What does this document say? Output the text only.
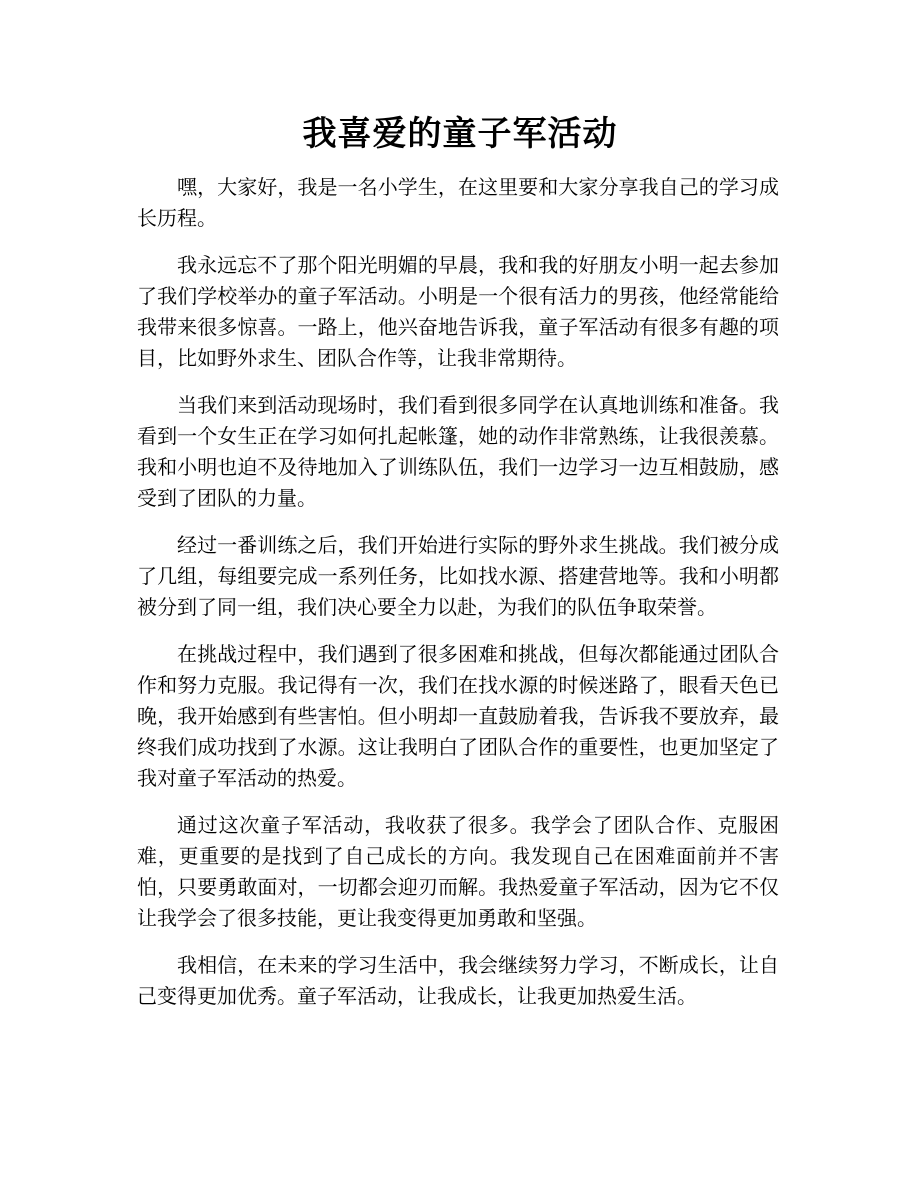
我喜爱的童子军活动

嘿，大家好，我是一名小学生，在这里要和大家分享我自己的学习成长历程。

我永远忘不了那个阳光明媚的早晨，我和我的好朋友小明一起去参加了我们学校举办的童子军活动。小明是一个很有活力的男孩，他经常能给我带来很多惊喜。一路上，他兴奋地告诉我，童子军活动有很多有趣的项目，比如野外求生、团队合作等，让我非常期待。

当我们来到活动现场时，我们看到很多同学在认真地训练和准备。我看到一个女生正在学习如何扎起帐篷，她的动作非常熟练，让我很羡慕。我和小明也迫不及待地加入了训练队伍，我们一边学习一边互相鼓励，感受到了团队的力量。

经过一番训练之后，我们开始进行实际的野外求生挑战。我们被分成了几组，每组要完成一系列任务，比如找水源、搭建营地等。我和小明都被分到了同一组，我们决心要全力以赴，为我们的队伍争取荣誉。

在挑战过程中，我们遇到了很多困难和挑战，但每次都能通过团队合作和努力克服。我记得有一次，我们在找水源的时候迷路了，眼看天色已晚，我开始感到有些害怕。但小明却一直鼓励着我，告诉我不要放弃，最终我们成功找到了水源。这让我明白了团队合作的重要性，也更加坚定了我对童子军活动的热爱。

通过这次童子军活动，我收获了很多。我学会了团队合作、克服困难，更重要的是找到了自己成长的方向。我发现自己在困难面前并不害怕，只要勇敢面对，一切都会迎刃而解。我热爱童子军活动，因为它不仅让我学会了很多技能，更让我变得更加勇敢和坚强。

我相信，在未来的学习生活中，我会继续努力学习，不断成长，让自己变得更加优秀。童子军活动，让我成长，让我更加热爱生活。
